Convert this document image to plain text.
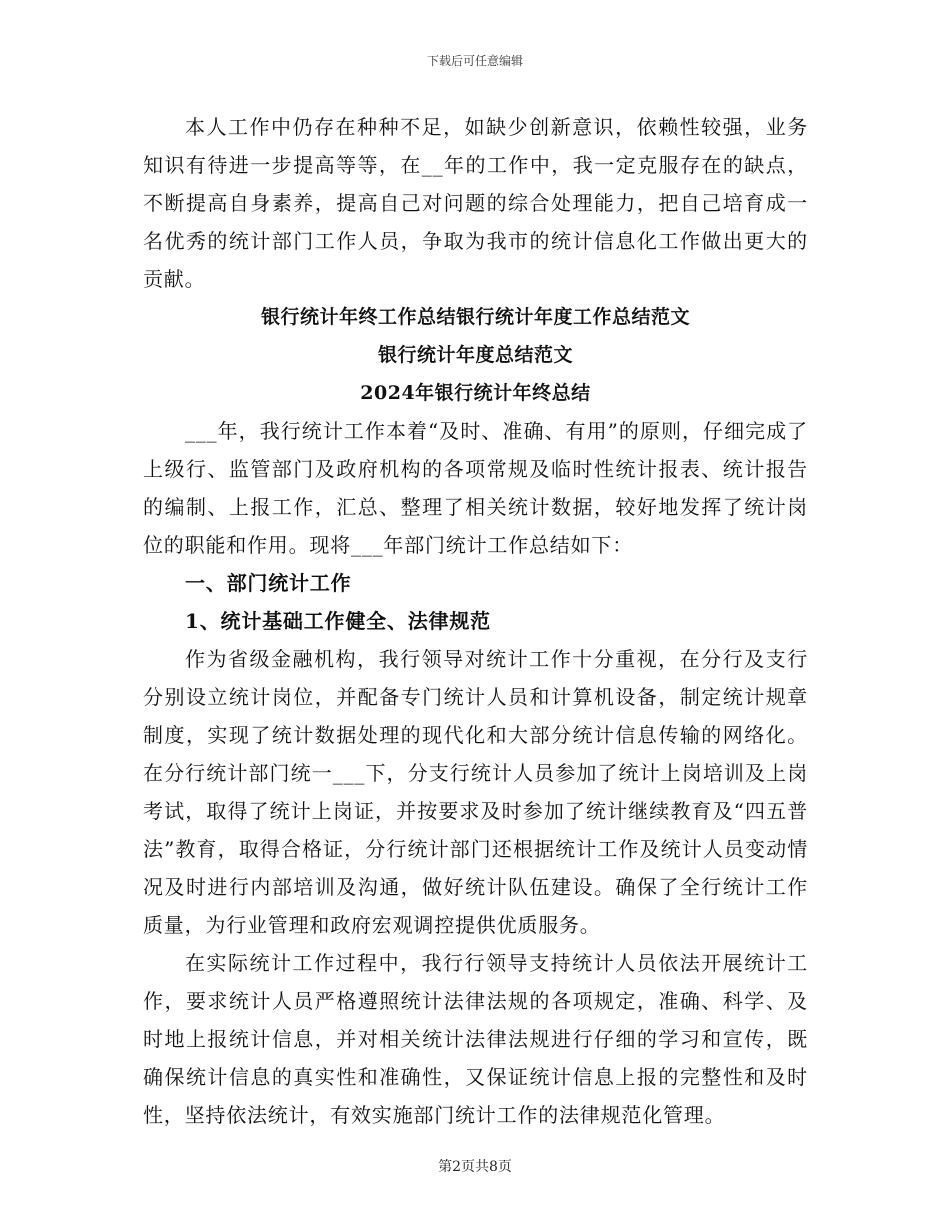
下载后可任意编辑

本人工作中仍存在种种不足，如缺少创新意识，依赖性较强，业务知识有待进一步提高等等，在__年的工作中，我一定克服存在的缺点，不断提高自身素养，提高自己对问题的综合处理能力，把自己培育成一名优秀的统计部门工作人员，争取为我市的统计信息化工作做出更大的贡献。

银行统计年终工作总结银行统计年度工作总结范文

银行统计年度总结范文

2024年银行统计年终总结

___年，我行统计工作本着“及时、准确、有用”的原则，仔细完成了上级行、监管部门及政府机构的各项常规及临时性统计报表、统计报告的编制、上报工作，汇总、整理了相关统计数据，较好地发挥了统计岗位的职能和作用。现将___年部门统计工作总结如下：

一、部门统计工作

1、统计基础工作健全、法律规范

作为省级金融机构，我行领导对统计工作十分重视，在分行及支行分别设立统计岗位，并配备专门统计人员和计算机设备，制定统计规章制度，实现了统计数据处理的现代化和大部分统计信息传输的网络化。在分行统计部门统一___下，分支行统计人员参加了统计上岗培训及上岗考试，取得了统计上岗证，并按要求及时参加了统计继续教育及“四五普法”教育，取得合格证，分行统计部门还根据统计工作及统计人员变动情况及时进行内部培训及沟通，做好统计队伍建设。确保了全行统计工作质量，为行业管理和政府宏观调控提供优质服务。

在实际统计工作过程中，我行行领导支持统计人员依法开展统计工作，要求统计人员严格遵照统计法律法规的各项规定，准确、科学、及时地上报统计信息，并对相关统计法律法规进行仔细的学习和宣传，既确保统计信息的真实性和准确性，又保证统计信息上报的完整性和及时性，坚持依法统计，有效实施部门统计工作的法律规范化管理。

第2页共8页
